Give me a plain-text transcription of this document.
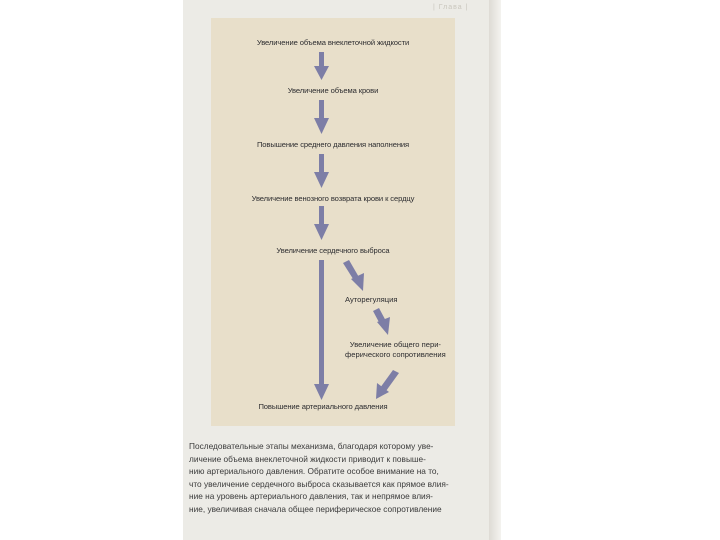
| Глава |
Увеличение объема внеклеточной жидкости
Увеличение объема крови
Повышение среднего давления наполнения
Увеличение венозного возврата крови к сердцу
Увеличение сердечного выброса
Ауторегуляция
Увеличение общего пери-
ферического сопротивления
Повышение артериального давления
Последовательные этапы механизма, благодаря которому уве-
личение объема внеклеточной жидкости приводит к повыше-
нию артериального давления. Обратите особое внимание на то,
что увеличение сердечного выброса сказывается как прямое влия-
ние на уровень артериального давления, так и непрямое влия-
ние, увеличивая сначала общее периферическое сопротивление
